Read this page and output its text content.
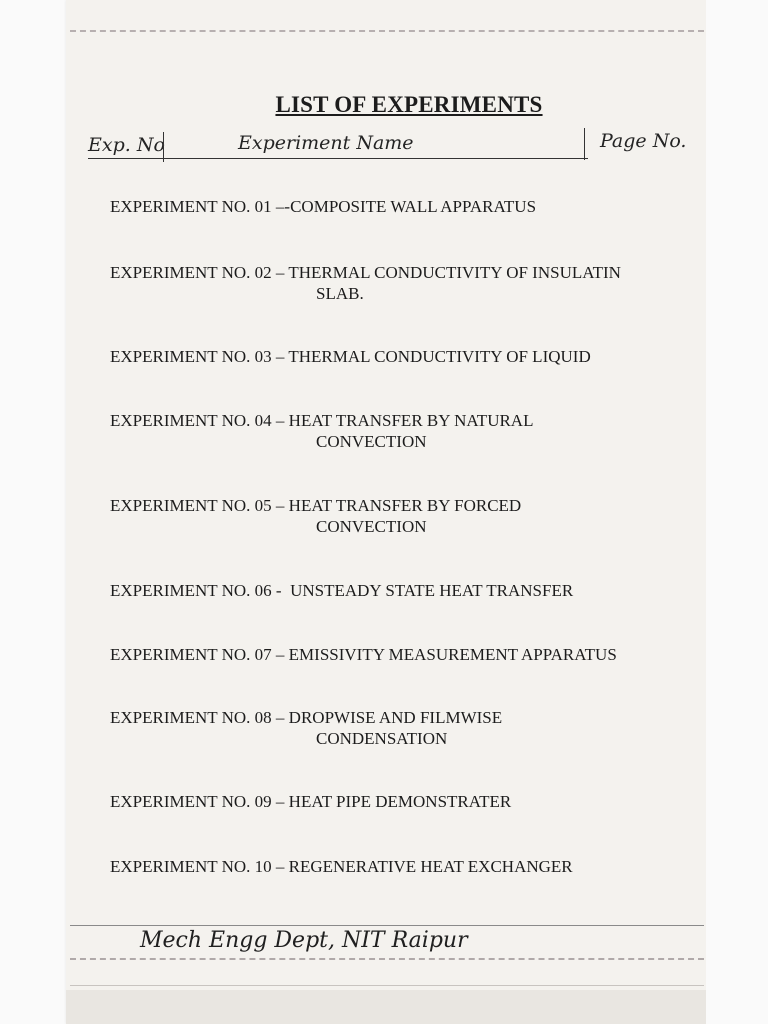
LIST OF EXPERIMENTS
Exp. No	Experiment Name	Page No.
EXPERIMENT NO. 01 –-COMPOSITE WALL APPARATUS
EXPERIMENT NO. 02 – THERMAL CONDUCTIVITY OF INSULATIN
SLAB.
EXPERIMENT NO. 03 – THERMAL CONDUCTIVITY OF LIQUID
EXPERIMENT NO. 04 – HEAT TRANSFER BY NATURAL
CONVECTION
EXPERIMENT NO. 05 – HEAT TRANSFER BY FORCED
CONVECTION
EXPERIMENT NO. 06 -  UNSTEADY STATE HEAT TRANSFER
EXPERIMENT NO. 07 – EMISSIVITY MEASUREMENT APPARATUS
EXPERIMENT NO. 08 – DROPWISE AND FILMWISE
CONDENSATION
EXPERIMENT NO. 09 – HEAT PIPE DEMONSTRATER
EXPERIMENT NO. 10 – REGENERATIVE HEAT EXCHANGER
Mech Engg Dept, NIT Raipur
